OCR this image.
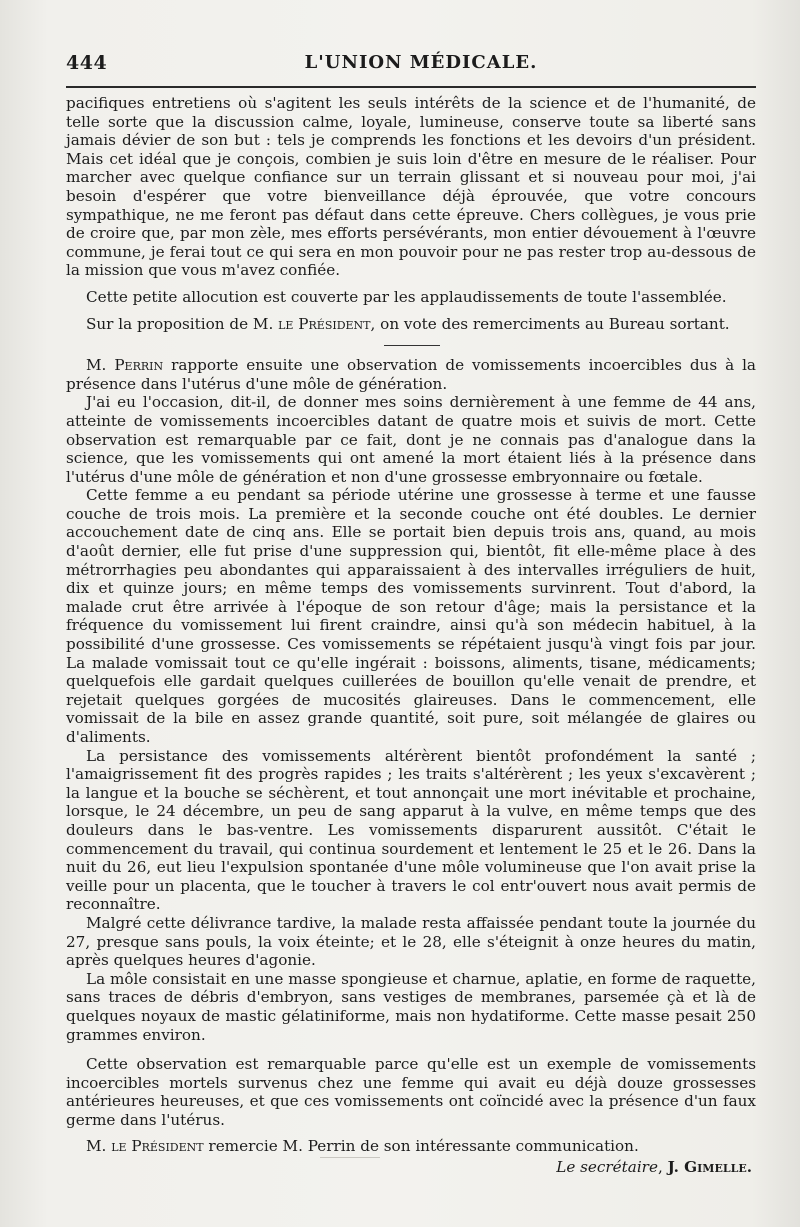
444	L'UNION MÉDICALE.

pacifiques entretiens où s'agitent les seuls intérêts de la science et de l'humanité, de telle sorte que la discussion calme, loyale, lumineuse, conserve toute sa liberté sans jamais dévier de son but : tels je comprends les fonctions et les devoirs d'un président. Mais cet idéal que je conçois, combien je suis loin d'être en mesure de le réaliser. Pour marcher avec quelque confiance sur un terrain glissant et si nouveau pour moi, j'ai besoin d'espérer que votre bienveillance déjà éprouvée, que votre concours sympathique, ne me feront pas défaut dans cette épreuve. Chers collègues, je vous prie de croire que, par mon zèle, mes efforts persévérants, mon entier dévouement à l'œuvre commune, je ferai tout ce qui sera en mon pouvoir pour ne pas rester trop au-dessous de la mission que vous m'avez confiée.

Cette petite allocution est couverte par les applaudissements de toute l'assemblée.

Sur la proposition de M. le Président, on vote des remerciments au Bureau sortant.

M. Perrin rapporte ensuite une observation de vomissements incoercibles dus à la présence dans l'utérus d'une môle de génération.

J'ai eu l'occasion, dit-il, de donner mes soins dernièrement à une femme de 44 ans, atteinte de vomissements incoercibles datant de quatre mois et suivis de mort. Cette observation est remarquable par ce fait, dont je ne connais pas d'analogue dans la science, que les vomissements qui ont amené la mort étaient liés à la présence dans l'utérus d'une môle de génération et non d'une grossesse embryonnaire ou fœtale.

Cette femme a eu pendant sa période utérine une grossesse à terme et une fausse couche de trois mois. La première et la seconde couche ont été doubles. Le dernier accouchement date de cinq ans. Elle se portait bien depuis trois ans, quand, au mois d'août dernier, elle fut prise d'une suppression qui, bientôt, fit elle-même place à des métrorrhagies peu abondantes qui apparaissaient à des intervalles irréguliers de huit, dix et quinze jours; en même temps des vomissements survinrent. Tout d'abord, la malade crut être arrivée à l'époque de son retour d'âge; mais la persistance et la fréquence du vomissement lui firent craindre, ainsi qu'à son médecin habituel, à la possibilité d'une grossesse. Ces vomissements se répétaient jusqu'à vingt fois par jour. La malade vomissait tout ce qu'elle ingérait : boissons, aliments, tisane, médicaments; quelquefois elle gardait quelques cuillerées de bouillon qu'elle venait de prendre, et rejetait quelques gorgées de mucosités glaireuses. Dans le commencement, elle vomissait de la bile en assez grande quantité, soit pure, soit mélangée de glaires ou d'aliments.

La persistance des vomissements altérèrent bientôt profondément la santé ; l'amaigrissement fit des progrès rapides ; les traits s'altérèrent ; les yeux s'excavèrent ; la langue et la bouche se séchèrent, et tout annonçait une mort inévitable et prochaine, lorsque, le 24 décembre, un peu de sang apparut à la vulve, en même temps que des douleurs dans le bas-ventre. Les vomissements disparurent aussitôt. C'était le commencement du travail, qui continua sourdement et lentement le 25 et le 26. Dans la nuit du 26, eut lieu l'expulsion spontanée d'une môle volumineuse que l'on avait prise la veille pour un placenta, que le toucher à travers le col entr'ouvert nous avait permis de reconnaître.

Malgré cette délivrance tardive, la malade resta affaissée pendant toute la journée du 27, presque sans pouls, la voix éteinte; et le 28, elle s'éteignit à onze heures du matin, après quelques heures d'agonie.

La môle consistait en une masse spongieuse et charnue, aplatie, en forme de raquette, sans traces de débris d'embryon, sans vestiges de membranes, parsemée çà et là de quelques noyaux de mastic gélatiniforme, mais non hydatiforme. Cette masse pesait 250 grammes environ.

Cette observation est remarquable parce qu'elle est un exemple de vomissements incoercibles mortels survenus chez une femme qui avait eu déjà douze grossesses antérieures heureuses, et que ces vomissements ont coïncidé avec la présence d'un faux germe dans l'utérus.

M. le Président remercie M. Perrin de son intéressante communication.

Le secrétaire, J. Gimelle.
